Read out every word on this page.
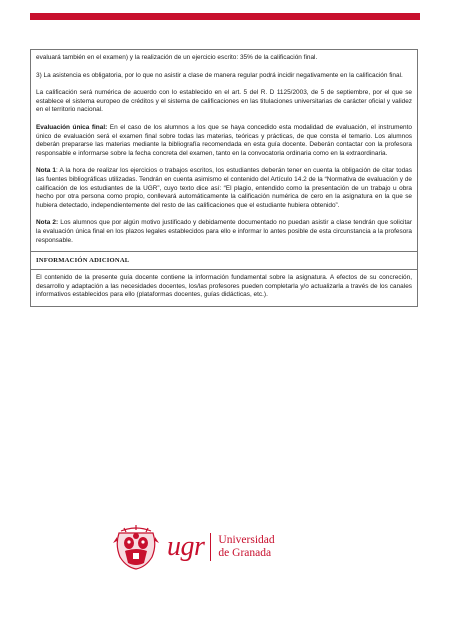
evaluará también en el examen) y la realización de un ejercicio escrito: 35% de la calificación final.

3) La asistencia es obligatoria, por lo que no asistir a clase de manera regular podrá incidir negativamente en la calificación final.

La calificación será numérica de acuerdo con lo establecido en el art. 5 del R. D 1125/2003, de 5 de septiembre, por el que se establece el sistema europeo de créditos y el sistema de calificaciones en las titulaciones universitarias de carácter oficial y validez en el territorio nacional.

Evaluación única final: En el caso de los alumnos a los que se haya concedido esta modalidad de evaluación, el instrumento único de evaluación será el examen final sobre todas las materias, teóricas y prácticas, de que consta el temario. Los alumnos deberán prepararse las materias mediante la bibliografía recomendada en esta guía docente. Deberán contactar con la profesora responsable e informarse sobre la fecha concreta del examen, tanto en la convocatoria ordinaria como en la extraordinaria.

Nota 1: A la hora de realizar los ejercicios o trabajos escritos, los estudiantes deberán tener en cuenta la obligación de citar todas las fuentes bibliográficas utilizadas. Tendrán en cuenta asimismo el contenido del Artículo 14.2 de la “Normativa de evaluación y de calificación de los estudiantes de la UGR”, cuyo texto dice así: “El plagio, entendido como la presentación de un trabajo u obra hecho por otra persona como propio, conllevará automáticamente la calificación numérica de cero en la asignatura en la que se hubiera detectado, independientemente del resto de las calificaciones que el estudiante hubiera obtenido”.

Nota 2: Los alumnos que por algún motivo justificado y debidamente documentado no puedan asistir a clase tendrán que solicitar la evaluación única final en los plazos legales establecidos para ello e informar lo antes posible de esta circunstancia a la profesora responsable.

INFORMACIÓN ADICIONAL

El contenido de la presente guía docente contiene la información fundamental sobre la asignatura. A efectos de su concreción, desarrollo y adaptación a las necesidades docentes, los/las profesores pueden completarla y/o actualizarla a través de los canales informativos establecidos para ello (plataformas docentes, guías didácticas, etc.).

ugr	Universidad
de Granada
